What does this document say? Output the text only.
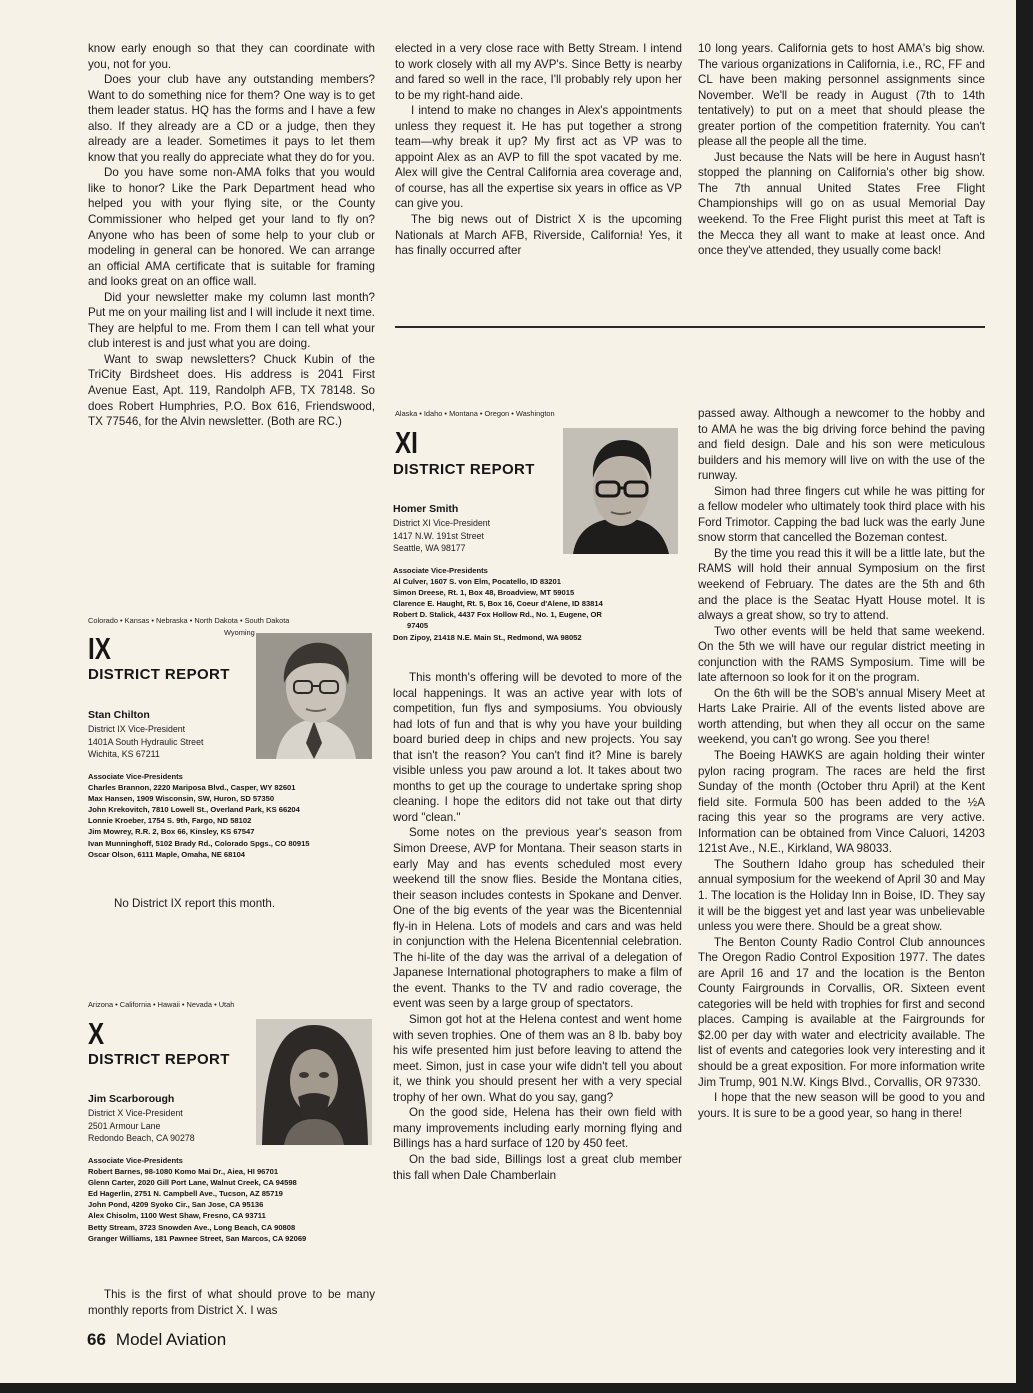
know early enough so that they can coordinate with you, not for you.

Does your club have any outstanding members? Want to do something nice for them? One way is to get them leader status. HQ has the forms and I have a few also. If they already are a CD or a judge, then they already are a leader. Sometimes it pays to let them know that you really do appreciate what they do for you.

Do you have some non-AMA folks that you would like to honor? Like the Park Department head who helped you with your flying site, or the County Commissioner who helped get your land to fly on? Anyone who has been of some help to your club or modeling in general can be honored. We can arrange an official AMA certificate that is suitable for framing and looks great on an office wall.

Did your newsletter make my column last month? Put me on your mailing list and I will include it next time. They are helpful to me. From them I can tell what your club interest is and just what you are doing.

Want to swap newsletters? Chuck Kubin of the TriCity Birdsheet does. His address is 2041 First Avenue East, Apt. 119, Randolph AFB, TX 78148. So does Robert Humphries, P.O. Box 616, Friendswood, TX 77546, for the Alvin newsletter. (Both are RC.)

elected in a very close race with Betty Stream. I intend to work closely with all my AVP's. Since Betty is nearby and fared so well in the race, I'll probably rely upon her to be my right-hand aide.

I intend to make no changes in Alex's appointments unless they request it. He has put together a strong team—why break it up? My first act as VP was to appoint Alex as an AVP to fill the spot vacated by me. Alex will give the Central California area coverage and, of course, has all the expertise six years in office as VP can give you.

The big news out of District X is the upcoming Nationals at March AFB, Riverside, California! Yes, it has finally occurred after

10 long years. California gets to host AMA's big show. The various organizations in California, i.e., RC, FF and CL have been making personnel assignments since November. We'll be ready in August (7th to 14th tentatively) to put on a meet that should please the greater portion of the competition fraternity. You can't please all the people all the time.

Just because the Nats will be here in August hasn't stopped the planning on California's other big show. The 7th annual United States Free Flight Championships will go on as usual Memorial Day weekend. To the Free Flight purist this meet at Taft is the Mecca they all want to make at least once. And once they've attended, they usually come back!

Colorado • Kansas • Nebraska • North Dakota • South Dakota
Wyoming
IX
DISTRICT REPORT
Stan Chilton
District IX Vice-President
1401A South Hydraulic Street
Wichita, KS 67211
Associate Vice-Presidents
Charles Brannon, 2220 Mariposa Blvd., Casper, WY 82601
Max Hansen, 1909 Wisconsin, SW, Huron, SD 57350
John Krekovitch, 7810 Lowell St., Overland Park, KS 66204
Lonnie Kroeber, 1754 S. 9th, Fargo, ND 58102
Jim Mowrey, R.R. 2, Box 66, Kinsley, KS 67547
Ivan Munninghoff, 5102 Brady Rd., Colorado Spgs., CO 80915
Oscar Olson, 6111 Maple, Omaha, NE 68104
No District IX report this month.
Arizona • California • Hawaii • Nevada • Utah
X
DISTRICT REPORT
Jim Scarborough
District X Vice-President
2501 Armour Lane
Redondo Beach, CA 90278
Associate Vice-Presidents
Robert Barnes, 98-1080 Komo Mai Dr., Aiea, HI 96701
Glenn Carter, 2020 Gill Port Lane, Walnut Creek, CA 94598
Ed Hagerlin, 2751 N. Campbell Ave., Tucson, AZ 85719
John Pond, 4209 Syoko Cir., San Jose, CA 95136
Alex Chisolm, 1100 West Shaw, Fresno, CA 93711
Betty Stream, 3723 Snowden Ave., Long Beach, CA 90808
Granger Williams, 181 Pawnee Street, San Marcos, CA 92069

This is the first of what should prove to be many monthly reports from District X. I was

Alaska • Idaho • Montana • Oregon • Washington
XI
DISTRICT REPORT
Homer Smith
District XI Vice-President
1417 N.W. 191st Street
Seattle, WA 98177
Associate Vice-Presidents
Al Culver, 1607 S. von Elm, Pocatello, ID 83201
Simon Dreese, Rt. 1, Box 48, Broadview, MT 59015
Clarence E. Haught, Rt. 5, Box 16, Coeur d'Alene, ID 83814
Robert D. Stalick, 4437 Fox Hollow Rd., No. 1, Eugene, OR
97405
Don Zipoy, 21418 N.E. Main St., Redmond, WA 98052

This month's offering will be devoted to more of the local happenings. It was an active year with lots of competition, fun flys and symposiums. You obviously had lots of fun and that is why you have your building board buried deep in chips and new projects. You say that isn't the reason? You can't find it? Mine is barely visible unless you paw around a lot. It takes about two months to get up the courage to undertake spring shop cleaning. I hope the editors did not take out that dirty word "clean."

Some notes on the previous year's season from Simon Dreese, AVP for Montana. Their season starts in early May and has events scheduled most every weekend till the snow flies. Beside the Montana cities, their season includes contests in Spokane and Denver. One of the big events of the year was the Bicentennial fly-in in Helena. Lots of models and cars and was held in conjunction with the Helena Bicentennial celebration. The hi-lite of the day was the arrival of a delegation of Japanese International photographers to make a film of the event. Thanks to the TV and radio coverage, the event was seen by a large group of spectators.

Simon got hot at the Helena contest and went home with seven trophies. One of them was an 8 lb. baby boy his wife presented him just before leaving to attend the meet. Simon, just in case your wife didn't tell you about it, we think you should present her with a very special trophy of her own. What do you say, gang?

On the good side, Helena has their own field with many improvements including early morning flying and Billings has a hard surface of 120 by 450 feet.

On the bad side, Billings lost a great club member this fall when Dale Chamberlain

passed away. Although a newcomer to the hobby and to AMA he was the big driving force behind the paving and field design. Dale and his son were meticulous builders and his memory will live on with the use of the runway.

Simon had three fingers cut while he was pitting for a fellow modeler who ultimately took third place with his Ford Trimotor. Capping the bad luck was the early June snow storm that cancelled the Bozeman contest.

By the time you read this it will be a little late, but the RAMS will hold their annual Symposium on the first weekend of February. The dates are the 5th and 6th and the place is the Seatac Hyatt House motel. It is always a great show, so try to attend.

Two other events will be held that same weekend. On the 5th we will have our regular district meeting in conjunction with the RAMS Symposium. Time will be late afternoon so look for it on the program.

On the 6th will be the SOB's annual Misery Meet at Harts Lake Prairie. All of the events listed above are worth attending, but when they all occur on the same weekend, you can't go wrong. See you there!

The Boeing HAWKS are again holding their winter pylon racing program. The races are held the first Sunday of the month (October thru April) at the Kent field site. Formula 500 has been added to the ½A racing this year so the programs are very active. Information can be obtained from Vince Caluori, 14203 121st Ave., N.E., Kirkland, WA 98033.

The Southern Idaho group has scheduled their annual symposium for the weekend of April 30 and May 1. The location is the Holiday Inn in Boise, ID. They say it will be the biggest yet and last year was unbelievable unless you were there. Should be a great show.

The Benton County Radio Control Club announces The Oregon Radio Control Exposition 1977. The dates are April 16 and 17 and the location is the Benton County Fairgrounds in Corvallis, OR. Sixteen event categories will be held with trophies for first and second places. Camping is available at the Fairgrounds for $2.00 per day with water and electricity available. The list of events and categories look very interesting and it should be a great exposition. For more information write Jim Trump, 901 N.W. Kings Blvd., Corvallis, OR 97330.

I hope that the new season will be good to you and yours. It is sure to be a good year, so hang in there!

66 Model Aviation
